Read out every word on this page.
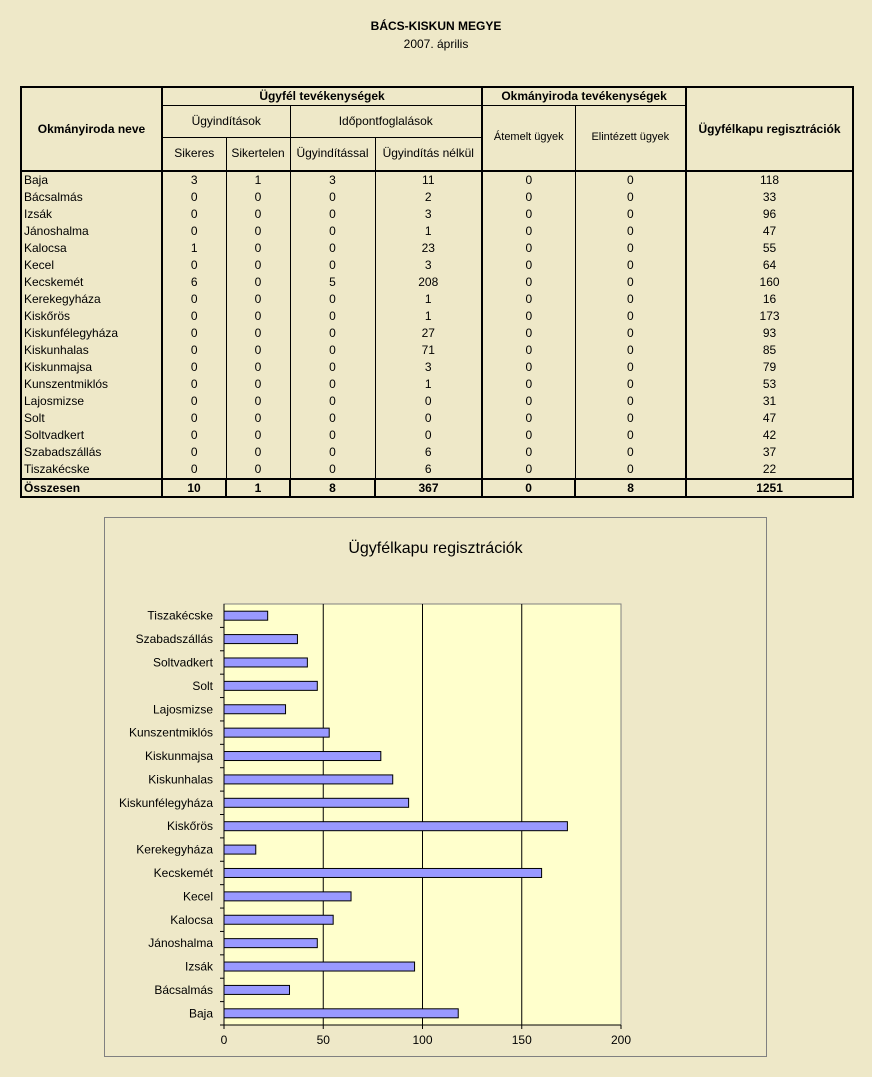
BÁCS-KISKUN MEGYE
2007. április
Okmányiroda neve	Ügyfél tevékenységek				Okmányiroda tevékenységek		Ügyfélkapu regisztrációk
	Ügyindítások		Időpontfoglalások		Átemelt ügyek	Elintézett ügyek	
	Sikeres	Sikertelen	Ügyindítással	Ügyindítás nélkül			
Baja	3	1	3	11	0	0	118
Bácsalmás	0	0	0	2	0	0	33
Izsák	0	0	0	3	0	0	96
Jánoshalma	0	0	0	1	0	0	47
Kalocsa	1	0	0	23	0	0	55
Kecel	0	0	0	3	0	0	64
Kecskemét	6	0	5	208	0	0	160
Kerekegyháza	0	0	0	1	0	0	16
Kiskőrös	0	0	0	1	0	0	173
Kiskunfélegyháza	0	0	0	27	0	0	93
Kiskunhalas	0	0	0	71	0	0	85
Kiskunmajsa	0	0	0	3	0	0	79
Kunszentmiklós	0	0	0	1	0	0	53
Lajosmizse	0	0	0	0	0	0	31
Solt	0	0	0	0	0	0	47
Soltvadkert	0	0	0	0	0	0	42
Szabadszállás	0	0	0	6	0	0	37
Tiszakécske	0	0	0	6	0	0	22
Összesen	10	1	8	367	0	8	1251
Ügyfélkapu regisztrációk
0	50	100	150	200
Baja
Bácsalmás
Izsák
Jánoshalma
Kalocsa
Kecel
Kecskemét
Kerekegyháza
Kiskőrös
Kiskunfélegyháza
Kiskunhalas
Kiskunmajsa
Kunszentmiklós
Lajosmizse
Solt
Soltvadkert
Szabadszállás
Tiszakécske
